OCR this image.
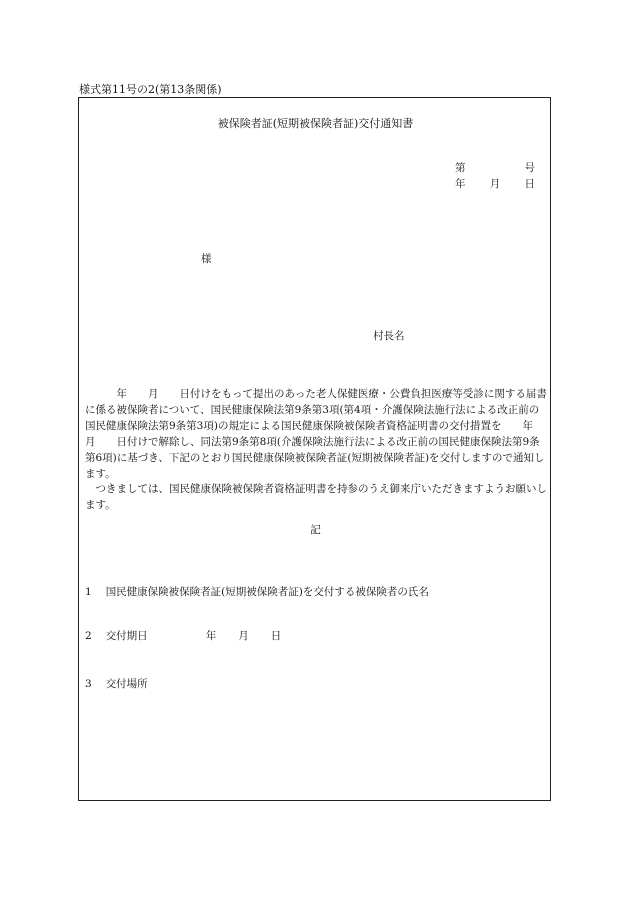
様式第11号の2(第13条関係)
被保険者証(短期被保険者証)交付通知書
第	号
年 月 日
様
村長名
　　　年　　月　　日付けをもって提出のあった老人保健医療・公費負担医療等受診に関する届書に係る被保険者について、国民健康保険法第9条第3項(第4項・介護保険法施行法による改正前の国民健康保険法第9条第3項)の規定による国民健康保険被保険者資格証明書の交付措置を　　年　　月　　日付けで解除し、同法第9条第8項(介護保険法施行法による改正前の国民健康保険法第9条第6項)に基づき、下記のとおり国民健康保険被保険者証(短期被保険者証)を交付しますので通知します。
　つきましては、国民健康保険被保険者資格証明書を持参のうえ御来庁いただきますようお願いします。
記
1 国民健康保険被保険者証(短期被保険者証)を交付する被保険者の氏名
2 交付期日	年 月 日
3 交付場所
